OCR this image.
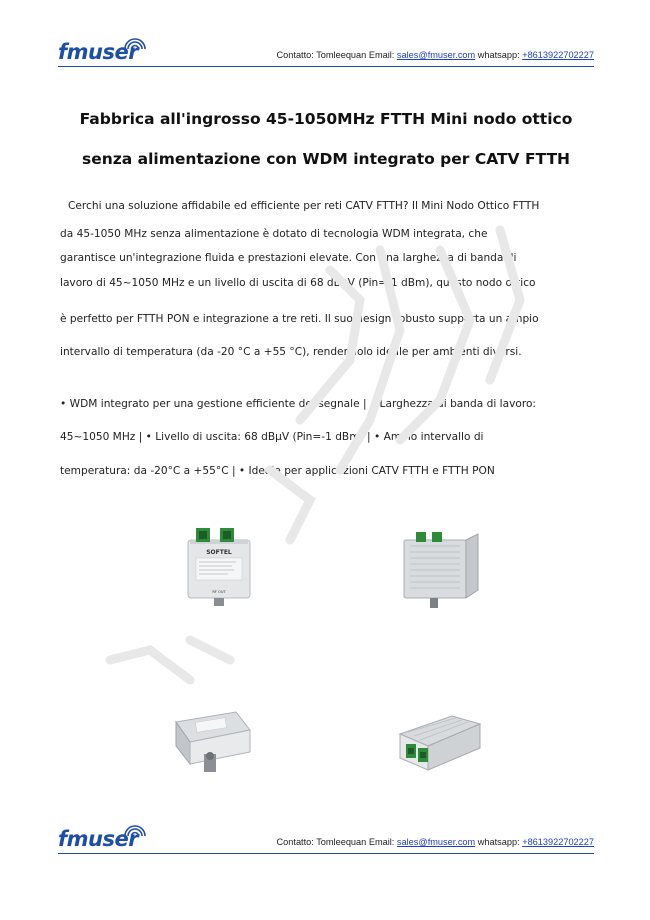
fmuser	Contatto: Tomleequan Email: sales@fmuser.com whatsapp: +8613922702227
Fabbrica all'ingrosso 45-1050MHz FTTH Mini nodo ottico
senza alimentazione con WDM integrato per CATV FTTH
Cerchi una soluzione affidabile ed efficiente per reti CATV FTTH? Il Mini Nodo Ottico FTTH
da 45-1050 MHz senza alimentazione è dotato di tecnologia WDM integrata, che
garantisce un'integrazione fluida e prestazioni elevate. Con una larghezza di banda di
lavoro di 45~1050 MHz e un livello di uscita di 68 dBμV (Pin=-1 dBm), questo nodo ottico
è perfetto per FTTH PON e integrazione a tre reti. Il suo design robusto supporta un ampio
intervallo di temperatura (da -20 °C a +55 °C), rendendolo ideale per ambienti diversi.
• WDM integrato per una gestione efficiente del segnale | • Larghezza di banda di lavoro:
45~1050 MHz | • Livello di uscita: 68 dBμV (Pin=-1 dBm) | • Ampio intervallo di
temperatura: da -20°C a +55°C | • Ideale per applicazioni CATV FTTH e FTTH PON
SOFTEL
RF OUT
fmuser	Contatto: Tomleequan Email: sales@fmuser.com whatsapp: +8613922702227
